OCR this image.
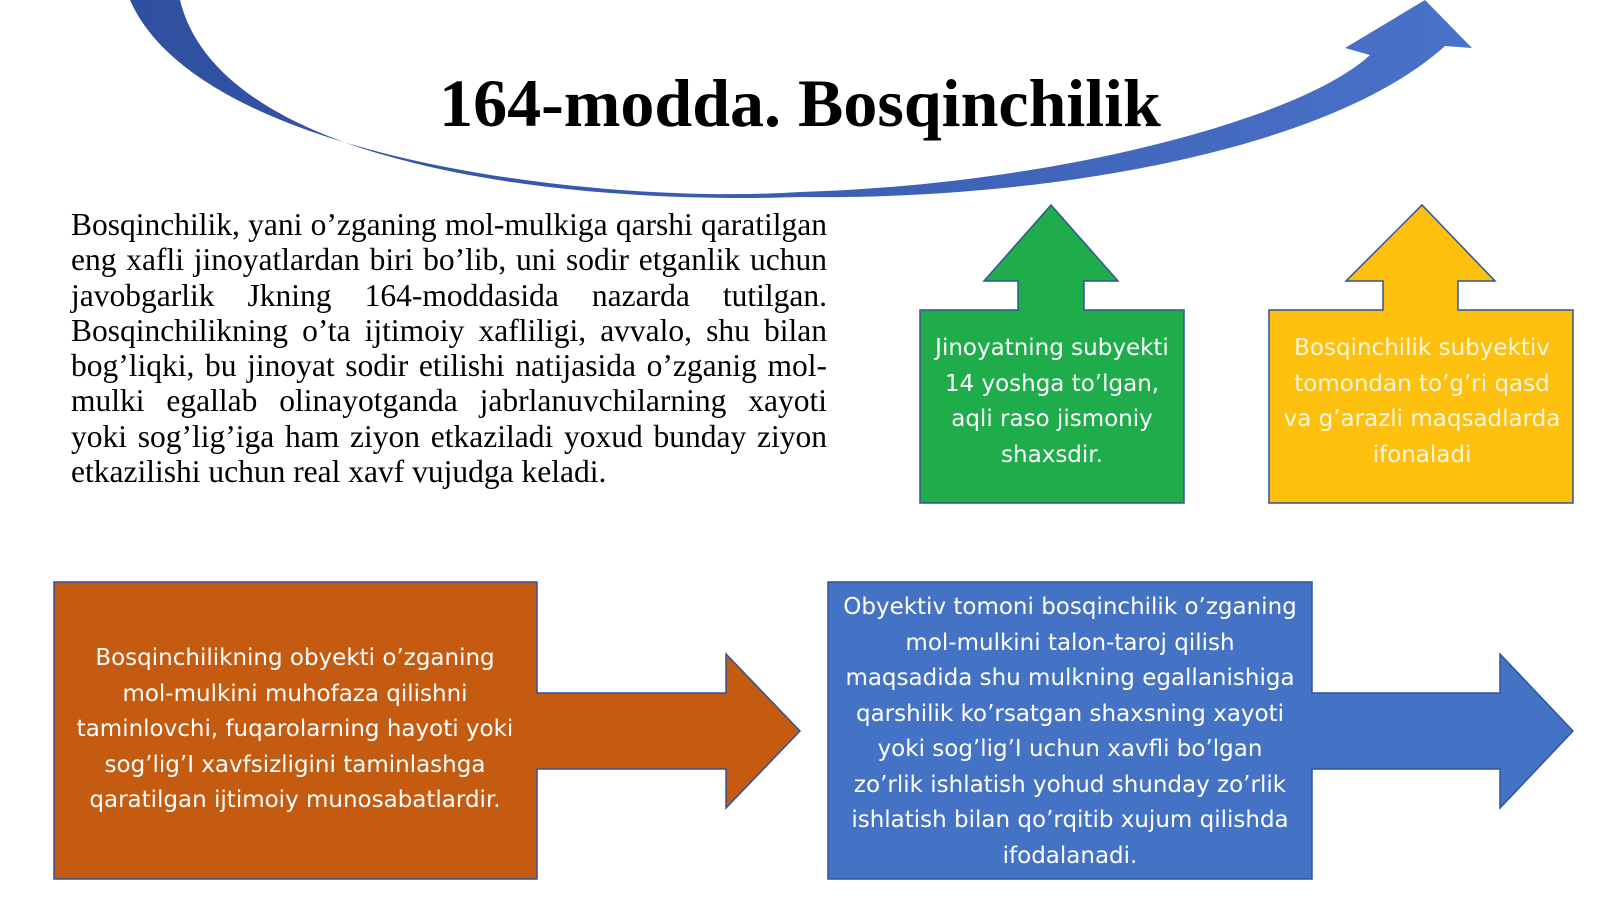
164-modda. Bosqinchilik
Bosqinchilik, yani o’zganing mol-mulkiga qarshi qaratilgan eng xafli jinoyatlardan biri bo’lib, uni sodir etganlik uchun javobgarlik Jkning 164-moddasida nazarda tutilgan. Bosqinchilikning o’ta ijtimoiy xafliligi, avvalo, shu bilan bog’liqki, bu jinoyat sodir etilishi natijasida o’zganig mol-mulki egallab olinayotganda jabrlanuvchilarning xayoti yoki sog’lig’iga ham ziyon etkaziladi yoxud bunday ziyon etkazilishi uchun real xavf vujudga keladi.
Jinoyatning subyekti 14 yoshga to’lgan, aqli raso jismoniy shaxsdir.
Bosqinchilik subyektiv tomondan to’g’ri qasd va g’arazli maqsadlarda ifonaladi
Bosqinchilikning obyekti o’zganing mol-mulkini muhofaza qilishni taminlovchi, fuqarolarning hayoti yoki sog’lig’I xavfsizligini taminlashga qaratilgan ijtimoiy munosabatlardir.
Obyektiv tomoni bosqinchilik o’zganing mol-mulkini talon-taroj qilish maqsadida shu mulkning egallanishiga qarshilik ko’rsatgan shaxsning xayoti yoki sog’lig’I uchun xavfli bo’lgan zo’rlik ishlatish yohud shunday zo’rlik ishlatish bilan qo’rqitib xujum qilishda ifodalanadi.
